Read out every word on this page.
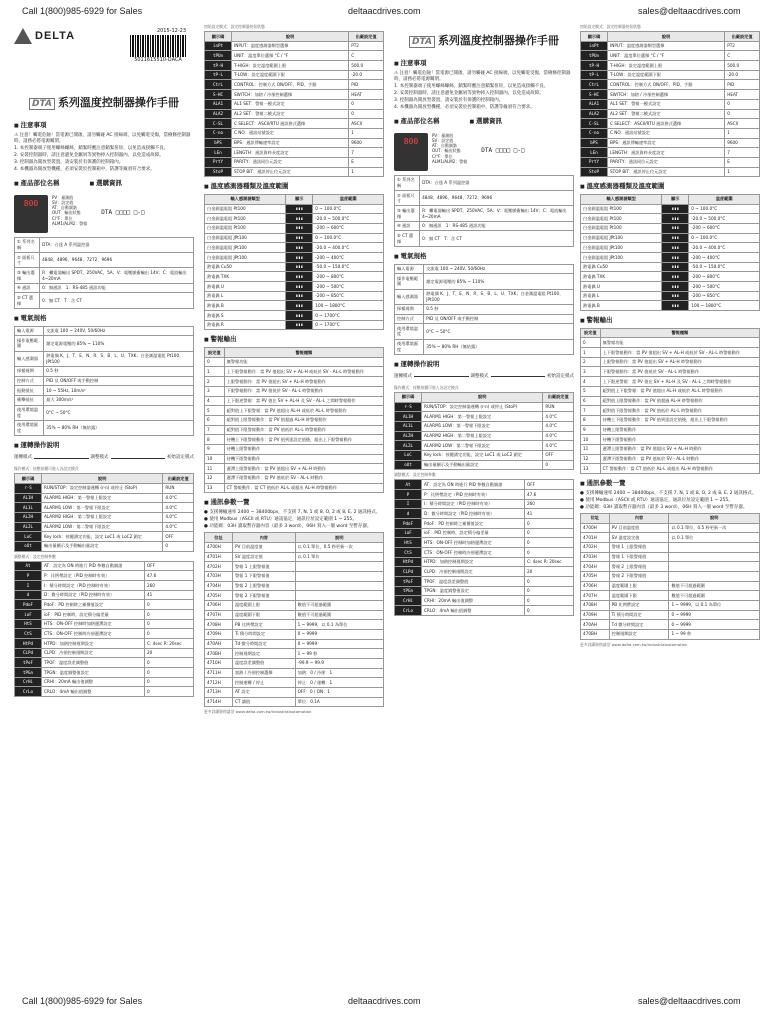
Call 1(800)985-6929 for Sales	deltaacdrives.com	sales@deltaacdrives.com
DELTA	2015-12-23
5011615510-DACA
DTA 系列溫度控制器操作手冊
■ 注意事項
⚠ 注意！觸電危險！當電源已開啟，請勿觸碰 AC 接線端，以免觸電受傷，當檢修控制器時，請務必將電源關閉。
1. 本控制器端子使用螺絲螺絲，鎖緊時應注意鎖緊扭矩，以免造成接觸不良。
2. 安裝控制器時，請注意避免金屬屑等異物掉入控制器內，以免造成故障。
3. 控制器為開放型裝置，請安裝於有保護的控制箱內。
4. 本機器為開放型機種，必須安裝於控制箱中，防護等級須符合要求。
■ 產品部位名稱	■ 選購資訊
800
PV：量測值
SV：設定值
AT：自動調諧
OUT：輸出狀態
C/°F：單位
ALM1/ALM2：警報
DTA □□□□ □-□
① 系列名稱	DTA：台達 A 系列溫控器
② 面板尺寸	4848、4896、9648、7272、9696
③ 輸出選擇	R：繼電器輸出 SPDT，250VAC，5A；V：電壓脈衝輸出 14V；C：電流輸出 4~20mA
④ 通訊	0：無通訊　1：RS-485 通訊功能
⑤ CT 選擇	0：無 CT　T：含 CT
■ 電氣規格
輸入電源	交流電 100 ~ 240V, 50/60Hz
操作電壓範圍	額定電源電壓的 85% ~ 110%
輸入感測器	熱電偶 K、J、T、E、N、R、S、B、L、U、TXK；白金測溫電阻 Pt100、JPt100
採樣週期	0.5 秒
控制方式	PID 及 ON/OFF 或手動控制
振動抵抗	10 ~ 55Hz, 10m/s²
衝擊抵抗	最大 300m/s²
使用環境溫度	0°C ~ 50°C
使用環境濕度	35% ~ 80% RH（無結露）
■ 運轉操作說明
運轉模式	調整模式	初始設定模式
操作模式：按壓按鍵可進入各設定模式
顯示碼	說明	出廠設定值
r-S	RUN/STOP：設定控制器運轉 (r-n) 或停止 (StoP)	RUN
AL1H	ALARM1 HIGH：第一警報上限設定	4.0°C
AL1L	ALARM1 LOW：第一警報下限設定	4.0°C
AL2H	ALARM2 HIGH：第二警報上限設定	4.0°C
AL2L	ALARM2 LOW：第二警報下限設定	4.0°C
LoC	Key lock：按鍵鎖定功能，設定 LoC1 或 LoC2 鎖定	OFF
oUt	輸出量顯示及手動輸出量設定	0
調整模式：設定控制參數
At	AT：設定為 ON 時進行 PID 參數自動調諧	OFF
P	P：比例帶設定（PID 控制時有效）	47.6
I	I：積分時間設定（PID 控制時有效）	260
d	D：微分時間設定（PID 控制時有效）	41
PdoF	PdoF：PD 控制時之補償值設定	0
ioF	ioF：PID 控制時，設定積分偏差量	0
HtS	HTS：ON-OFF 控制時加熱遲滯設定	0
CtS	CTS：ON-OFF 控制時冷卻遲滯設定	0
HtPd	HTPD：加熱控制週期設定	C: 4sec R: 20sec
CLPd	CLPD：冷卻控制週期設定	20
tPoF	TPOF：溫度誤差調整值	0
tPGn	TPGN：溫度調整值設定	0
CrHi	CRHI：20mA 輸出值調整	0
CrLo	CRLO：4mA 輸出值調整	0
初始設定模式：設定控制器初始狀態
顯示碼	說明	出廠設定值
inPt	INPUT：溫度感測器類型選擇	PT2
tPUn	UNIT：溫度單位選擇 °C / °F	C
tP-H	T-HIGH：設定溫度範圍上限	500.0
tP-L	T-LOW：設定溫度範圍下限	-20.0
CtrL	CONTROL：控制方式 ON/OFF、PID、手動	PID
S-HC	SWITCH：加熱 / 冷卻控制選擇	HEAT
ALA1	AL1 SET：警報一模式設定	0
ALA2	AL2 SET：警報二模式設定	0
C-SL	C SELECT：ASCII/RTU 通訊格式選擇	ASCII
C-no	C NO：通訊站號設定	1
bPS	BPS：通訊傳輸速率設定	9600
LEn	LENGTH：通訊資料長度設定	7
PrtY	PARITY：通訊同位元設定	E
StoP	STOP BIT：通訊停止位元設定	1
■ 溫度感測器種類及溫度範圍
輸入感測器類型	顯示	溫度範圍
白金測溫電阻 Pt100	▮▮▮	0 ~ 100.0°C
白金測溫電阻 Pt100	▮▮▮	-20.0 ~ 500.0°C
白金測溫電阻 Pt100	▮▮▮	-200 ~ 600°C
白金測溫電阻 JPt100	▮▮▮	0 ~ 100.0°C
白金測溫電阻 JPt100	▮▮▮	-20.0 ~ 400.0°C
白金測溫電阻 JPt100	▮▮▮	-200 ~ 400°C
熱電偶 Cu50	▮▮▮	-50.0 ~ 150.0°C
熱電偶 TXK	▮▮▮	-200 ~ 800°C
熱電偶 U	▮▮▮	-200 ~ 500°C
熱電偶 L	▮▮▮	-200 ~ 850°C
熱電偶 B	▮▮▮	100 ~ 1800°C
熱電偶 S	▮▮▮	0 ~ 1700°C
熱電偶 R	▮▮▮	0 ~ 1700°C
■ 警報輸出
設定值	警報種類
0	無警報功能
1	上下限警報動作：當 PV 值超出 SV + AL-H 或低於 SV - AL-L 時警報動作
2	上限警報動作：當 PV 值超出 SV + AL-H 時警報動作
3	下限警報動作：當 PV 值低於 SV - AL-L 時警報動作
4	上下限逆警報：當 PV 值在 SV + AL-H 及 SV - AL-L 之間時警報動作
5	絕對值上下限警報：當 PV 值超出 AL-H 或低於 AL-L 時警報動作
6	絕對值上限警報動作：當 PV 值超過 AL-H 時警報動作
7	絕對值下限警報動作：當 PV 值低於 AL-L 時警報動作
8	待機上下限警報動作：當 PV 值到達設定值後，超出上下限警報動作
9	待機上限警報動作
10	待機下限警報動作
11	遲滯上限警報動作：當 PV 值超出 SV + AL-H 時動作
12	遲滯下限警報動作：當 PV 值低於 SV - AL-L 時動作
13	CT 警報動作：當 CT 值低於 AL-L 或超出 AL-H 時警報動作
■ 通訊參數一覽
● 支援傳輸速率 2400 ~ 38400bps，不支援 7, N, 1 或 8, O, 2 或 8, E, 2 通訊格式。
● 使用 Modbus（ASCII 或 RTU）通訊協定，通訊位址設定範圍 1 ~ 255。
● 功能碼：03H 讀取暫存器內容（最多 3 word），06H 寫入一個 word 至暫存器。
位址	內容	說明
4700H	PV 目前溫度值	以 0.1 單位，0.5 秒更新一次
4701H	SV 溫度設定值	以 0.1 單位
4702H	警報 1 上限警報值	
4703H	警報 1 下限警報值	
4704H	警報 2 上限警報值	
4705H	警報 2 下限警報值	
4706H	溫度範圍上限	數值不可超過範圍
4707H	溫度範圍下限	數值不可超過範圍
4708H	PB 比例帶設定	1 ~ 9999，以 0.1 為單位
4709H	Ti 積分時間設定	0 ~ 9999
470AH	Td 微分時間設定	0 ~ 9999
470BH	控制週期設定	1 ~ 99 秒
4710H	溫度誤差調整值	-99.9 ~ 99.9
4711H	加熱 / 冷卻控制選擇	加熱：0 / 冷卻：1
4712H	控制運轉 / 停止	停止：0 / 運轉：1
4713H	AT 設定	OFF：0 / ON：1
4714H	CT 讀值	單位：0.1A
更多詳細資料請洽 www.delta.com.tw/industrialautomation
DTA 系列溫度控制器操作手冊
■ 注意事項
⚠ 注意！觸電危險！當電源已開啟，請勿觸碰 AC 接線端，以免觸電受傷，當檢修控制器時，請務必將電源關閉。
1. 本控制器端子使用螺絲螺絲，鎖緊時應注意鎖緊扭矩，以免造成接觸不良。
2. 安裝控制器時，請注意避免金屬屑等異物掉入控制器內，以免造成故障。
3. 控制器為開放型裝置，請安裝於有保護的控制箱內。
4. 本機器為開放型機種，必須安裝於控制箱中，防護等級須符合要求。
■ 產品部位名稱	■ 選購資訊
800
PV：量測值
SV：設定值
AT：自動調諧
OUT：輸出狀態
C/°F：單位
ALM1/ALM2：警報
DTA □□□□ □-□
① 系列名稱	DTA：台達 A 系列溫控器
② 面板尺寸	4848、4896、9648、7272、9696
③ 輸出選擇	R：繼電器輸出 SPDT，250VAC，5A；V：電壓脈衝輸出 14V；C：電流輸出 4~20mA
④ 通訊	0：無通訊　1：RS-485 通訊功能
⑤ CT 選擇	0：無 CT　T：含 CT
■ 電氣規格
輸入電源	交流電 100 ~ 240V, 50/60Hz
操作電壓範圍	額定電源電壓的 85% ~ 110%
輸入感測器	熱電偶 K、J、T、E、N、R、S、B、L、U、TXK；白金測溫電阻 Pt100、JPt100
採樣週期	0.5 秒
控制方式	PID 及 ON/OFF 或手動控制
使用環境溫度	0°C ~ 50°C
使用環境濕度	35% ~ 80% RH（無結露）
■ 運轉操作說明
運轉模式	調整模式	初始設定模式
操作模式：按壓按鍵可進入各設定模式
顯示碼	說明	出廠設定值
r-S	RUN/STOP：設定控制器運轉 (r-n) 或停止 (StoP)	RUN
AL1H	ALARM1 HIGH：第一警報上限設定	4.0°C
AL1L	ALARM1 LOW：第一警報下限設定	4.0°C
AL2H	ALARM2 HIGH：第二警報上限設定	4.0°C
AL2L	ALARM2 LOW：第二警報下限設定	4.0°C
LoC	Key lock：按鍵鎖定功能，設定 LoC1 或 LoC2 鎖定	OFF
oUt	輸出量顯示及手動輸出量設定	0
調整模式：設定控制參數
At	AT：設定為 ON 時進行 PID 參數自動調諧	OFF
P	P：比例帶設定（PID 控制時有效）	47.6
I	I：積分時間設定（PID 控制時有效）	260
d	D：微分時間設定（PID 控制時有效）	41
PdoF	PdoF：PD 控制時之補償值設定	0
ioF	ioF：PID 控制時，設定積分偏差量	0
HtS	HTS：ON-OFF 控制時加熱遲滯設定	0
CtS	CTS：ON-OFF 控制時冷卻遲滯設定	0
HtPd	HTPD：加熱控制週期設定	C: 4sec R: 20sec
CLPd	CLPD：冷卻控制週期設定	20
tPoF	TPOF：溫度誤差調整值	0
tPGn	TPGN：溫度調整值設定	0
CrHi	CRHI：20mA 輸出值調整	0
CrLo	CRLO：4mA 輸出值調整	0
初始設定模式：設定控制器初始狀態
顯示碼	說明	出廠設定值
inPt	INPUT：溫度感測器類型選擇	PT2
tPUn	UNIT：溫度單位選擇 °C / °F	C
tP-H	T-HIGH：設定溫度範圍上限	500.0
tP-L	T-LOW：設定溫度範圍下限	-20.0
CtrL	CONTROL：控制方式 ON/OFF、PID、手動	PID
S-HC	SWITCH：加熱 / 冷卻控制選擇	HEAT
ALA1	AL1 SET：警報一模式設定	0
ALA2	AL2 SET：警報二模式設定	0
C-SL	C SELECT：ASCII/RTU 通訊格式選擇	ASCII
C-no	C NO：通訊站號設定	1
bPS	BPS：通訊傳輸速率設定	9600
LEn	LENGTH：通訊資料長度設定	7
PrtY	PARITY：通訊同位元設定	E
StoP	STOP BIT：通訊停止位元設定	1
■ 溫度感測器種類及溫度範圍
輸入感測器類型	顯示	溫度範圍
白金測溫電阻 Pt100	▮▮▮	0 ~ 100.0°C
白金測溫電阻 Pt100	▮▮▮	-20.0 ~ 500.0°C
白金測溫電阻 Pt100	▮▮▮	-200 ~ 600°C
白金測溫電阻 JPt100	▮▮▮	0 ~ 100.0°C
白金測溫電阻 JPt100	▮▮▮	-20.0 ~ 400.0°C
白金測溫電阻 JPt100	▮▮▮	-200 ~ 400°C
熱電偶 Cu50	▮▮▮	-50.0 ~ 150.0°C
熱電偶 TXK	▮▮▮	-200 ~ 800°C
熱電偶 U	▮▮▮	-200 ~ 500°C
熱電偶 L	▮▮▮	-200 ~ 850°C
熱電偶 B	▮▮▮	100 ~ 1800°C
■ 警報輸出
設定值	警報種類
0	無警報功能
1	上下限警報動作：當 PV 值超出 SV + AL-H 或低於 SV - AL-L 時警報動作
2	上限警報動作：當 PV 值超出 SV + AL-H 時警報動作
3	下限警報動作：當 PV 值低於 SV - AL-L 時警報動作
4	上下限逆警報：當 PV 值在 SV + AL-H 及 SV - AL-L 之間時警報動作
5	絕對值上下限警報：當 PV 值超出 AL-H 或低於 AL-L 時警報動作
6	絕對值上限警報動作：當 PV 值超過 AL-H 時警報動作
7	絕對值下限警報動作：當 PV 值低於 AL-L 時警報動作
8	待機上下限警報動作：當 PV 值到達設定值後，超出上下限警報動作
9	待機上限警報動作
10	待機下限警報動作
11	遲滯上限警報動作：當 PV 值超出 SV + AL-H 時動作
12	遲滯下限警報動作：當 PV 值低於 SV - AL-L 時動作
13	CT 警報動作：當 CT 值低於 AL-L 或超出 AL-H 時警報動作
■ 通訊參數一覽
● 支援傳輸速率 2400 ~ 38400bps，不支援 7, N, 1 或 8, O, 2 或 8, E, 2 通訊格式。
● 使用 Modbus（ASCII 或 RTU）通訊協定，通訊位址設定範圍 1 ~ 255。
● 功能碼：03H 讀取暫存器內容（最多 3 word），06H 寫入一個 word 至暫存器。
位址	內容	說明
4700H	PV 目前溫度值	以 0.1 單位，0.5 秒更新一次
4701H	SV 溫度設定值	以 0.1 單位
4702H	警報 1 上限警報值	
4703H	警報 1 下限警報值	
4704H	警報 2 上限警報值	
4705H	警報 2 下限警報值	
4706H	溫度範圍上限	數值不可超過範圍
4707H	溫度範圍下限	數值不可超過範圍
4708H	PB 比例帶設定	1 ~ 9999，以 0.1 為單位
4709H	Ti 積分時間設定	0 ~ 9999
470AH	Td 微分時間設定	0 ~ 9999
470BH	控制週期設定	1 ~ 99 秒
更多詳細資料請洽 www.delta.com.tw/industrialautomation
Call 1(800)985-6929 for Sales	deltaacdrives.com	sales@deltaacdrives.com
